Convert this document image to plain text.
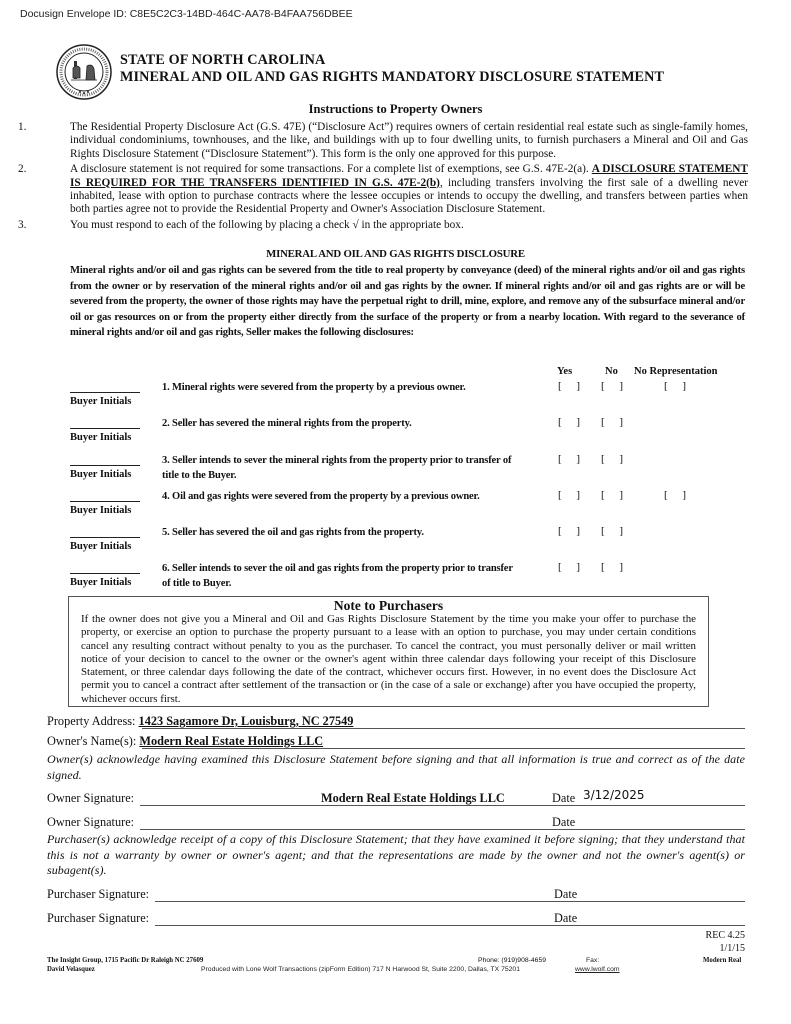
Docusign Envelope ID: C8E5C2C3-14BD-464C-AA78-B4FAA756DBEE
STATE OF NORTH CAROLINA
MINERAL AND OIL AND GAS RIGHTS MANDATORY DISCLOSURE STATEMENT
Instructions to Property Owners
1.	The Residential Property Disclosure Act (G.S. 47E) (“Disclosure Act”) requires owners of certain residential real estate such as single-family homes, individual condominiums, townhouses, and the like, and buildings with up to four dwelling units, to furnish purchasers a Mineral and Oil and Gas Rights Disclosure Statement (“Disclosure Statement”). This form is the only one approved for this purpose.
2.	A disclosure statement is not required for some transactions. For a complete list of exemptions, see G.S. 47E-2(a). A DISCLOSURE STATEMENT IS REQUIRED FOR THE TRANSFERS IDENTIFIED IN G.S. 47E-2(b), including transfers involving the first sale of a dwelling never inhabited, lease with option to purchase contracts where the lessee occupies or intends to occupy the dwelling, and transfers between parties when both parties agree not to provide the Residential Property and Owner's Association Disclosure Statement.
3.	You must respond to each of the following by placing a check √ in the appropriate box.
MINERAL AND OIL AND GAS RIGHTS DISCLOSURE
Mineral rights and/or oil and gas rights can be severed from the title to real property by conveyance (deed) of the mineral rights and/or oil and gas rights from the owner or by reservation of the mineral rights and/or oil and gas rights by the owner. If mineral rights and/or oil and gas rights are or will be severed from the property, the owner of those rights may have the perpetual right to drill, mine, explore, and remove any of the subsurface mineral and/or oil or gas resources on or from the property either directly from the surface of the property or from a nearby location. With regard to the severance of mineral rights and/or oil and gas rights, Seller makes the following disclosures:
Yes	No No Representation
Buyer Initials
1. Mineral rights were severed from the property by a previous owner.	[ ] [ ]	[ ]
Buyer Initials
2. Seller has severed the mineral rights from the property.	[ ] [ ]
Buyer Initials
3. Seller intends to sever the mineral rights from the property prior to transfer of title to the Buyer.
[ ] [ ]
Buyer Initials
4. Oil and gas rights were severed from the property by a previous owner.	[ ] [ ]	[ ]
Buyer Initials
5. Seller has severed the oil and gas rights from the property.	[ ] [ ]
Buyer Initials
6. Seller intends to sever the oil and gas rights from the property prior to transfer of title to Buyer.
[ ] [ ]
Note to Purchasers
If the owner does not give you a Mineral and Oil and Gas Rights Disclosure Statement by the time you make your offer to purchase the property, or exercise an option to purchase the property pursuant to a lease with an option to purchase, you may under certain conditions cancel any resulting contract without penalty to you as the purchaser. To cancel the contract, you must personally deliver or mail written notice of your decision to cancel to the owner or the owner's agent within three calendar days following your receipt of this Disclosure Statement, or three calendar days following the date of the contract, whichever occurs first. However, in no event does the Disclosure Act permit you to cancel a contract after settlement of the transaction or (in the case of a sale or exchange) after you have occupied the property, whichever occurs first.
Property Address: 1423 Sagamore Dr, Louisburg, NC 27549
Owner's Name(s): Modern Real Estate Holdings LLC
Owner(s) acknowledge having examined this Disclosure Statement before signing and that all information is true and correct as of the date signed.
Owner Signature:	Modern Real Estate Holdings LLC	Date 3/12/2025
Owner Signature:	Date
Purchaser(s) acknowledge receipt of a copy of this Disclosure Statement; that they have examined it before signing; that they understand that this is not a warranty by owner or owner's agent; and that the representations are made by the owner and not the owner's agent(s) or subagent(s).
Purchaser Signature:	Date
Purchaser Signature:	Date
REC 4.25
1/1/15
The Insight Group, 1715 Pacific Dr Raleigh NC 27609
David Velasquez	Produced with Lone Wolf Transactions (zipForm Edition) 717 N Harwood St, Suite 2200, Dallas, TX 75201	www.lwolf.com
Phone: (919)908-4659	Fax:	Modern Real
